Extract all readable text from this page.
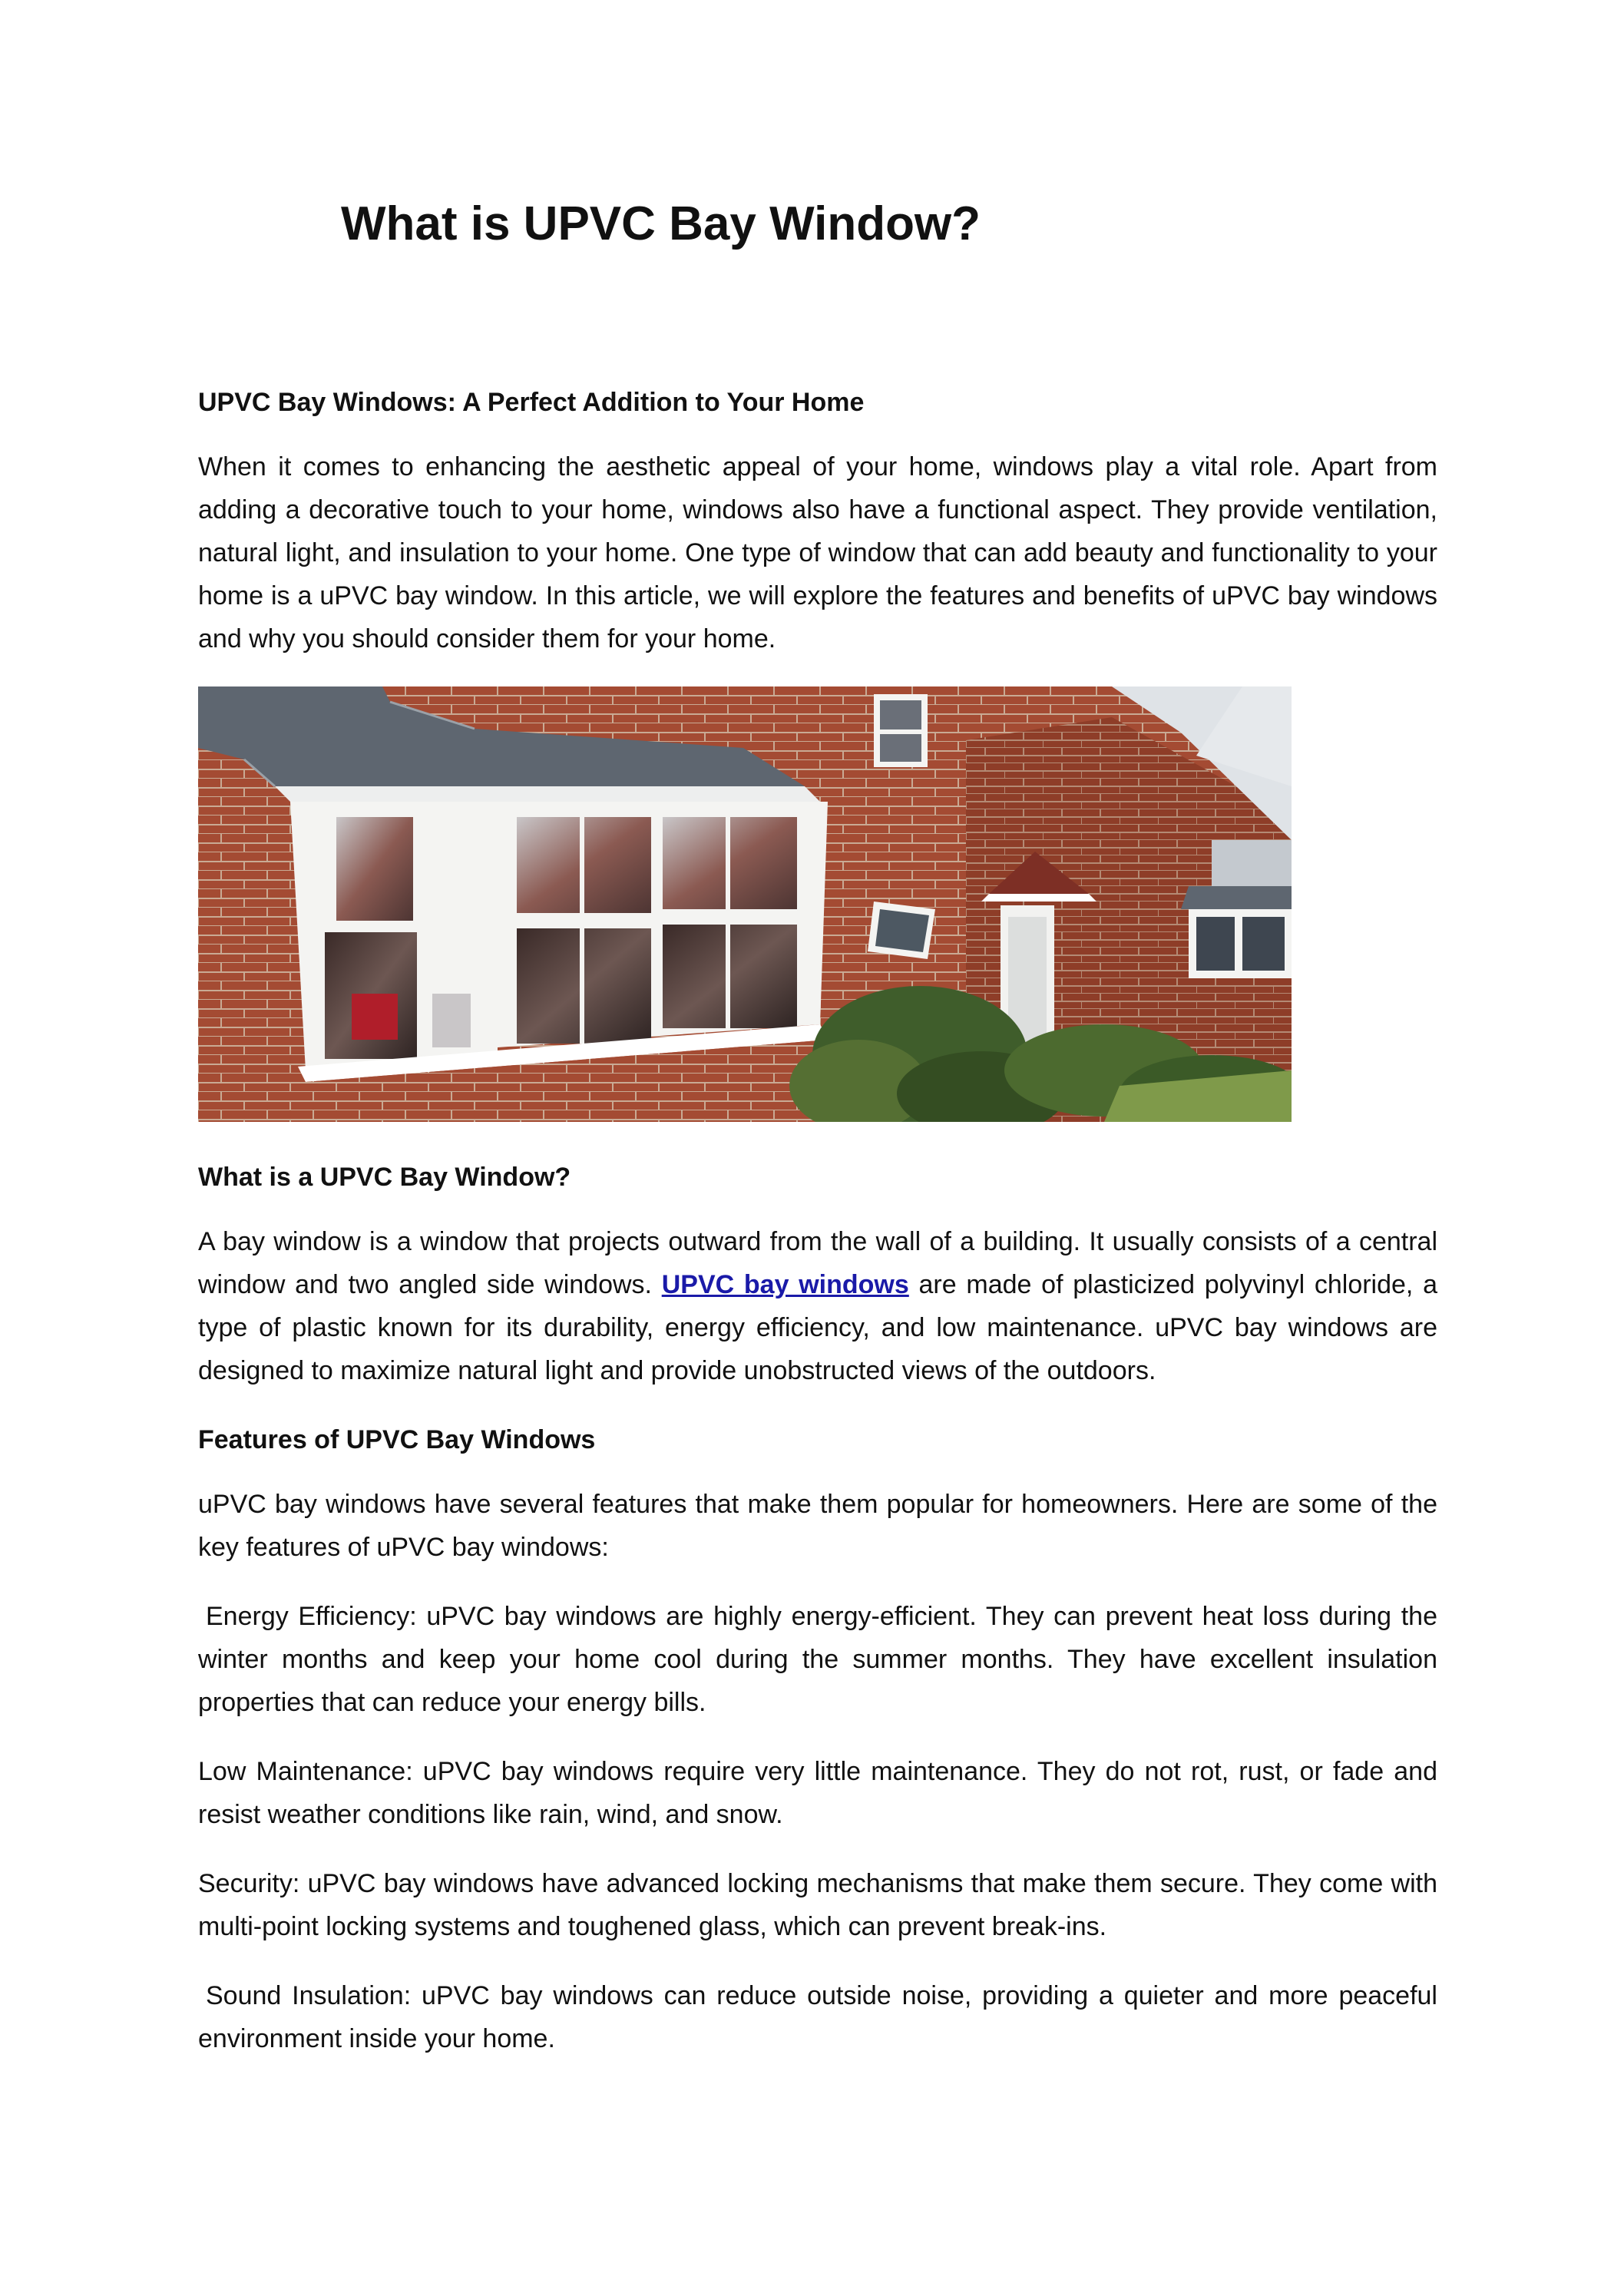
What is UPVC Bay Window?
UPVC Bay Windows: A Perfect Addition to Your Home

When it comes to enhancing the aesthetic appeal of your home, windows play a vital role. Apart from adding a decorative touch to your home, windows also have a functional aspect. They provide ventilation, natural light, and insulation to your home. One type of window that can add beauty and functionality to your home is a uPVC bay window. In this article, we will explore the features and benefits of uPVC bay windows and why you should consider them for your home.

What is a UPVC Bay Window?

A bay window is a window that projects outward from the wall of a building. It usually consists of a central window and two angled side windows. UPVC bay windows are made of plasticized polyvinyl chloride, a type of plastic known for its durability, energy efficiency, and low maintenance. uPVC bay windows are designed to maximize natural light and provide unobstructed views of the outdoors.

Features of UPVC Bay Windows

uPVC bay windows have several features that make them popular for homeowners. Here are some of the key features of uPVC bay windows:

Energy Efficiency: uPVC bay windows are highly energy-efficient. They can prevent heat loss during the winter months and keep your home cool during the summer months. They have excellent insulation properties that can reduce your energy bills.

Low Maintenance: uPVC bay windows require very little maintenance. They do not rot, rust, or fade and resist weather conditions like rain, wind, and snow.

Security: uPVC bay windows have advanced locking mechanisms that make them secure. They come with multi-point locking systems and toughened glass, which can prevent break-ins.

Sound Insulation: uPVC bay windows can reduce outside noise, providing a quieter and more peaceful environment inside your home.
